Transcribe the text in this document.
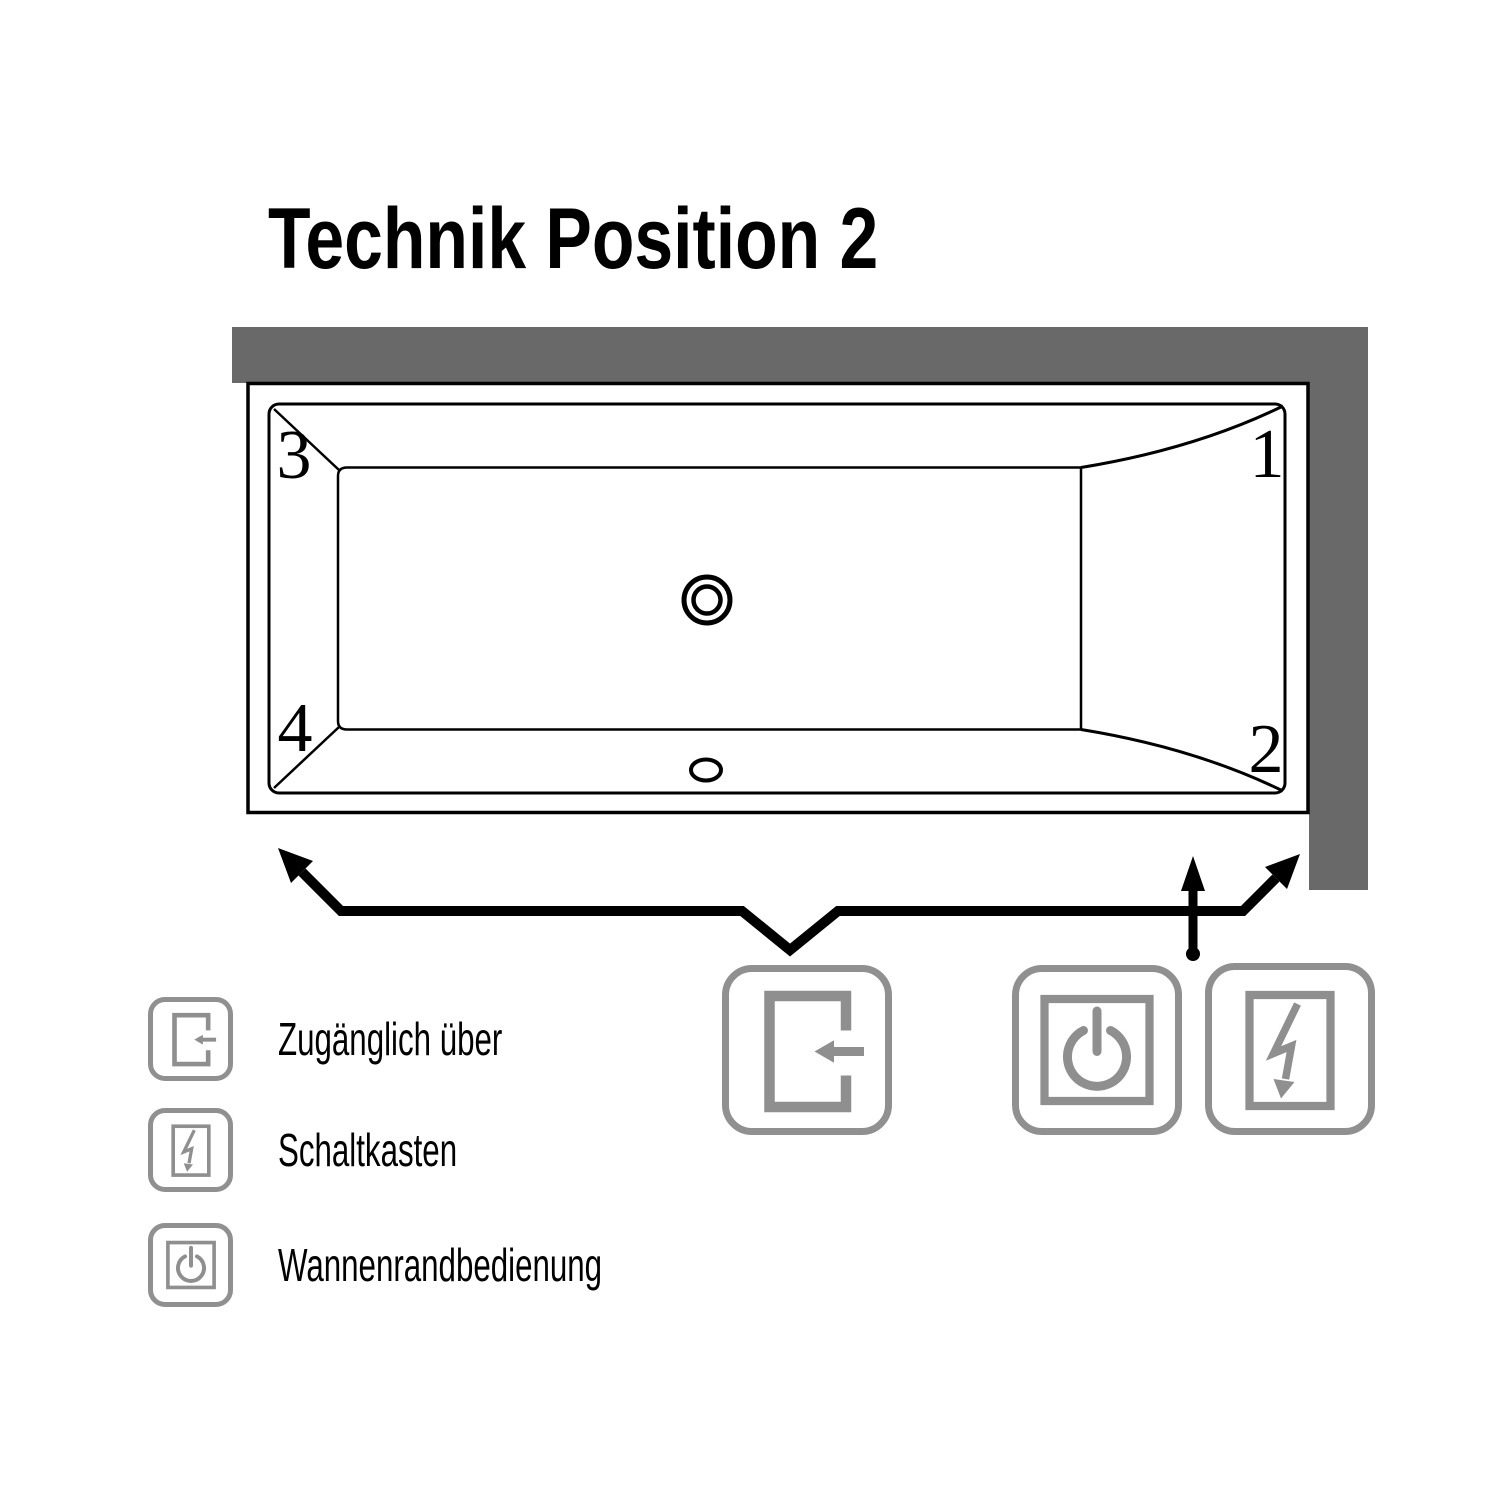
Technik Position 2
3	1
4	2
Zugänglich über
Schaltkasten
Wannenrandbedienung
